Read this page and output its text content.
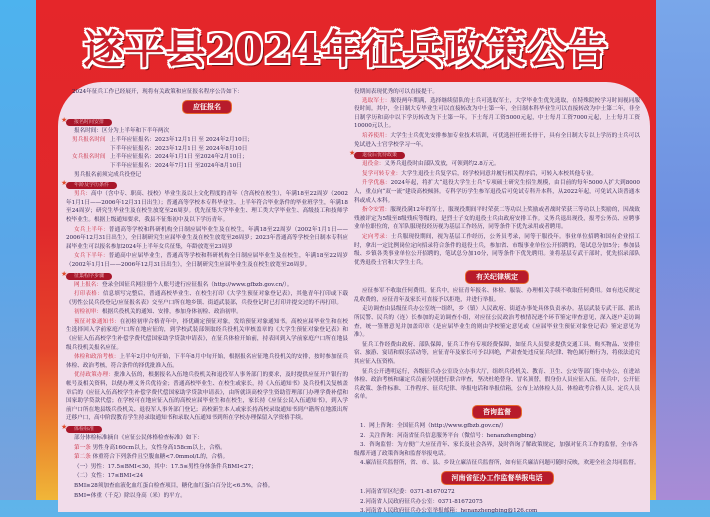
遂平县2024年征兵政策公告
2024年征兵工作已经展开，现将有关政策和应征报名程序公告如下：
应征报名
★ 报名时间安排
报名时间：区分为上半年和下半年两次
男兵报名时间 上半年应征报名：2023年12月1日 至 2024年2月10日；
下半年应征报名：2023年12月1日 至 2024年8月10日
女兵报名时间 上半年应征报名：2024年1月1日 至2024年2月10日；
下半年应征报名：2024年7月1日 至2024年8月10日
男兵报名前须完成兵役登记
★ 年龄及学历条件
男兵：高中（含中专、职高、技校）毕业生及以上文化程度的青年（含高校在校生），年满18至22周岁（2002年1月1日——2006年12月31日出生）；普通高等学校本专科毕业生、上半年符合毕业条件的毕业班学生，年满18至24周岁；研究生毕业生及在校生放宽至26周岁。优先征集大学毕业生、理工类大学毕业生、高级技工和技师学校毕业生。根据上级通知要求，我县不征集初中及以下学历青年。
女兵上半年：普通高等学校和科研机构全日制应届毕业生及在校生，年满18至22周岁（2002年1月1日——2006年12月31日出生），全日制研究生应届毕业生及在校生放宽至26周岁；2023年普通高等学校全日制本专科应届毕业生可以报名参加2024年上半年女兵征集，年龄放宽至23周岁
女兵下半年：普通高中应届毕业生，普通高等学校和科研机构全日制应届毕业生及在校生，年满18至22周岁（2002年1月1日——2006年12月31日出生），全日制研究生应届毕业生及在校生放宽至26周岁。
★ 征集程序步骤
网上报名：登录全国征兵网注册个人账号进行应征报名（http://www.gfbzb.gov.cn/）。
打印表格：信息填写完整后，普通高校毕业生、在校生打印《大学生预征对象登记表》，其他青年打印或下载《男性公民兵役登记/应征报名表》交至户口所在地乡镇、街道武装部，兵役登记时已打印并提交过的不再打印。
初检初审：根据兵役机关的通知、安排，参加身体初检、政治初审。
预征对象通知书：在初检初审合格青年中，择优确定预征对象，发给预征对象通知书。高校应届毕业生和在校生选择回入学前家庭户口所在地应征的，到学校武装部领取经兵役机关审核盖章的《大学生预征对象登记表》和《应征入伍高校学生补偿学费代偿国家助学贷款申请表》，在征兵体检开始前，持表回到入学前家庭户口所在地县级兵役机关报名应征。
体检和政治考核：上半年2月中旬开始，下半年8月中旬开始，根据报名应征地兵役机关的安排，按时参加征兵体检、政治考核，符合条件的择优批准入伍。
优待政策办理：批准入伍的，根据报名入伍地兵役机关和退役军人事务部门的要求，及时提供应征开户银行的帐号及相关资料，以便办理义务兵优待金；普通高校毕业生、在校生或家长，持《入伍通知书》及兵役机关复核盖章后的《应征入伍高校学生补偿学费代偿国家助学贷款申请表》，由所就读高校学生资助管理部门办理学费补偿和国家助学贷款代偿；在学校可在地应征入伍的高校应届毕业生和在校生，家长持《应征公民入伍通知书》，到入学前户口所在地县级兵役机关、退役军人事务部门登记；高校新生本人或家长持高校录取通知书到户籍所在地派出所迁移户口，高中阶段教育学生持录取通知书和录取入伍通知书到所在学校办理保留入学资格手续。
★ 体检标准
部分体检标准摘自《应征公民体格检查标准》如下：
第一条 男性身高160cm以上，女性身高158cm以上，合格。
第二条 体重符合下列条件且空腹血糖<7.0mmol/L的，合格。
（一）男性：17.5≤BMI<30，其中：17.5≤男性身体条件兵BMI<27；
（二）女性：17≤BMI<24
BMI≥28须加查血液化血红蛋白检查项目，糖化血红蛋白百分比<6.5%，合格。
BMI=体重（千克）除以身高（米）的平方。
役期间表现优秀的可以直接提干。
选取军士：服役两年期满，选择继续留队的士兵可选取军士，大学毕业生优先选取，在特殊院校学习时间视同服役时间。其中，全日制大专毕业生可以直接转改为中士第一年，全日制本科毕业生可以直接转改为中士第二年，非全日制学历和高中以下学历转改为下士第一年。下士每月工资5000元起，中士每月工资7000元起，上士每月工资10000元以上。
培养使用：大学生士兵优先安排参加专业技术培训，可优选担任班长骨干，具有全日制大专以上学历的士兵可以免试进入士官学校学习一年。
★ 退役后优待政策
退役金：义务兵退役时由部队发放，可领到约2.8万元。
复学可转专业：大学生退役士兵复学后，经学校同意并履行相关程序后，可转入本校其他专业。
升学优惠：2024年起，将扩大“退役大学生士兵”专项硕士研究生招生规模，由目前的每年5000人扩大到8000人，重点向“双一流”建设高校倾斜。专科学历学生参军退役后可免试专科升本科，从2022年起，可免试入读普通本科或成人本科。
指令安置：服现役满12年的军士，服现役期间平时荣获二等功以上奖励或者战时荣获三等功以上奖励的，因战致残被评定为5级至8级残疾等级的，是烈士子女的退役士兵由政府安排工作。义务兵退出现役，报考公务员、应聘事业单位职位的，在军队服现役经历视为基层工作经历，同等条件下优先录用或者聘用。
定向考录：士兵服现役期间，视为基层工作经历，公务员考录，同等于服役年。事业单位招聘和国有企业招工时，拿出一定比例岗位定向招录符合条件的退役士兵，参加省、市级事业单位公开招聘的，笔试总分加5分；参加县级、乡镇各类事业单位公开招聘的，笔试总分加10分，同等条件下优先聘用。並将基层专武干部时，优先招录部队优秀退役士官和大学生士兵。
有关纪律规定
应征参军不收取任何费用。征兵中，应征青年报名、体检、服装、办理相关手续不收取任何费用。如有违反规定乱收费的，应征青年及家长可直接予以拒绝，并进行举报。
走访调查由县级征兵办公室统一组织，乡（镇）人民政府、街道办事处具体负责承办。基层武装专武干部、派出所民警、民兵的（连）长参加的走访调查小组，对应征公民政治考核情况逐个环节鉴定审查意见，深入逐户走访调查，统一签署意见并加盖印章（是应届毕业生的则由学校鉴定意见或《应届毕业生预征对象登记表》鉴定意见为准）。
征兵工作经费由政府、部队保障，征兵工作有专项经费保障，如征兵人员要求提供交通工具、购买物品、安排住宿、旅游、宴请和娱乐活动等，应征青年及家长可予以回绝，严肃查处违反征兵纪律、物色属行贿行为，将依法追究其应征入伍资格。
征兵公开透明运行，各级征兵办公室设立办事大厅，组织兵役机关、教育、卫生、公安等部门集中办公，在进站体检、政治考核和廉定兵员前分别进行联合审查，坚决杜绝替身、冒名顶替，假身份人员应征入伍。征兵中，公开征兵政策、条件标准、工作程序、征兵纪律、举报电话和举报信箱，公布上站体检人员、体检政考合格人员、定兵人员名单。
咨询监督
1．网上咨询：全国征兵网（http://www.gfbzb.gov.cn/）
2．关注咨询：河南省征兵信息服务平台（微信号：henanzhengbing）
3．咨询监督：为方便广大应征青年、家长及社会各界，及时咨询了解政策规定，加强对征兵工作的监督，全市各级都开通了政策咨询和监督举报电话。
4.廉洁征兵监督所，省、市、县、乡设立廉洁征兵监督所，如有征兵廉洁问题可随时反映，欢迎全社会共同监督。
河南省征办工作监督举报电话
1.河南省军区纪委：0371-81670272
2.河南省人民政府征兵办公室：0371-81672075
3.河南省人民政府征兵办公室举报邮箱：henanzhengbing@126.com
